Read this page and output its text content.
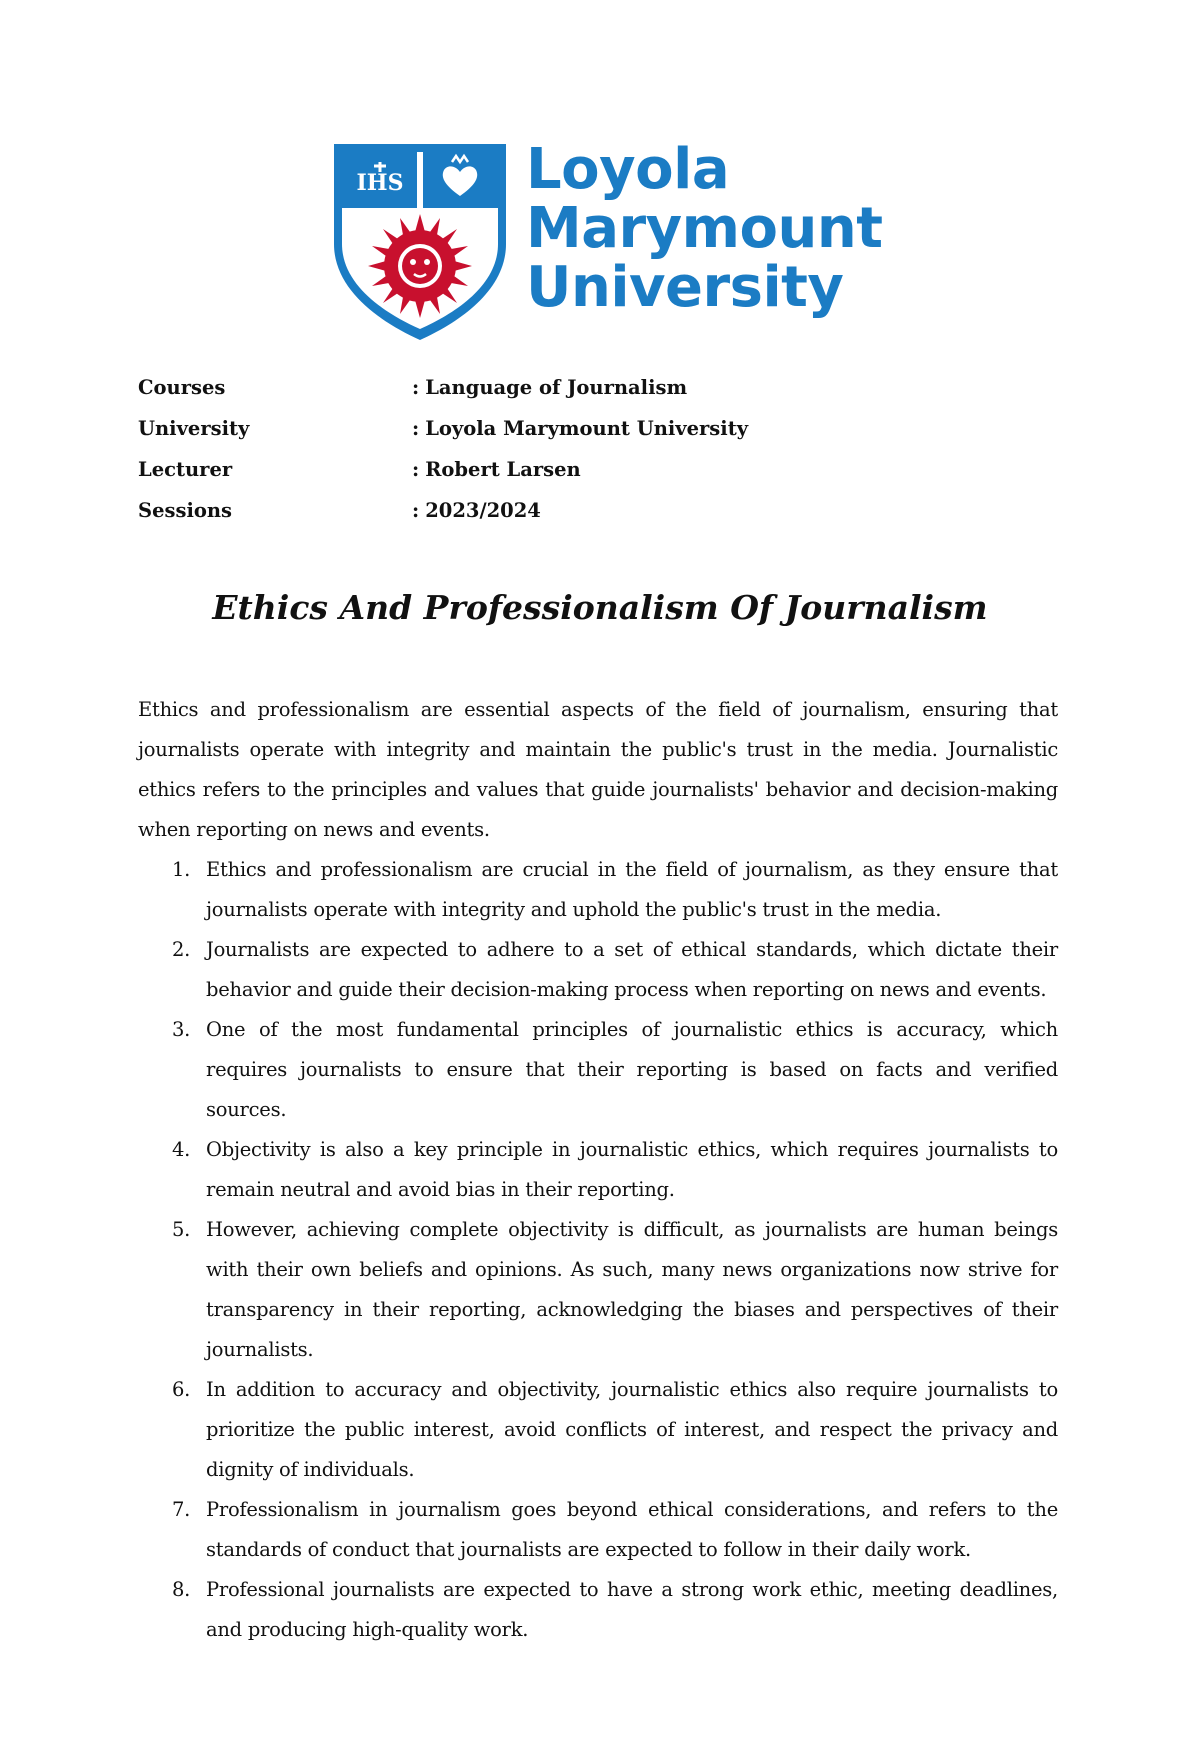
IHS Loyola
Marymount
University
Courses	: Language of Journalism
University	: Loyola Marymount University
Lecturer	: Robert Larsen
Sessions	: 2023/2024
Ethics And Professionalism Of Journalism

Ethics and professionalism are essential aspects of the field of journalism, ensuring that journalists operate with integrity and maintain the public's trust in the media. Journalistic ethics refers to the principles and values that guide journalists' behavior and decision-making when reporting on news and events.

1. Ethics and professionalism are crucial in the field of journalism, as they ensure that journalists operate with integrity and uphold the public's trust in the media.
2. Journalists are expected to adhere to a set of ethical standards, which dictate their behavior and guide their decision-making process when reporting on news and events.
3. One of the most fundamental principles of journalistic ethics is accuracy, which requires journalists to ensure that their reporting is based on facts and verified sources.
4. Objectivity is also a key principle in journalistic ethics, which requires journalists to remain neutral and avoid bias in their reporting.
5. However, achieving complete objectivity is difficult, as journalists are human beings with their own beliefs and opinions. As such, many news organizations now strive for transparency in their reporting, acknowledging the biases and perspectives of their journalists.
6. In addition to accuracy and objectivity, journalistic ethics also require journalists to prioritize the public interest, avoid conflicts of interest, and respect the privacy and dignity of individuals.
7. Professionalism in journalism goes beyond ethical considerations, and refers to the standards of conduct that journalists are expected to follow in their daily work.
8. Professional journalists are expected to have a strong work ethic, meeting deadlines, and producing high-quality work.
